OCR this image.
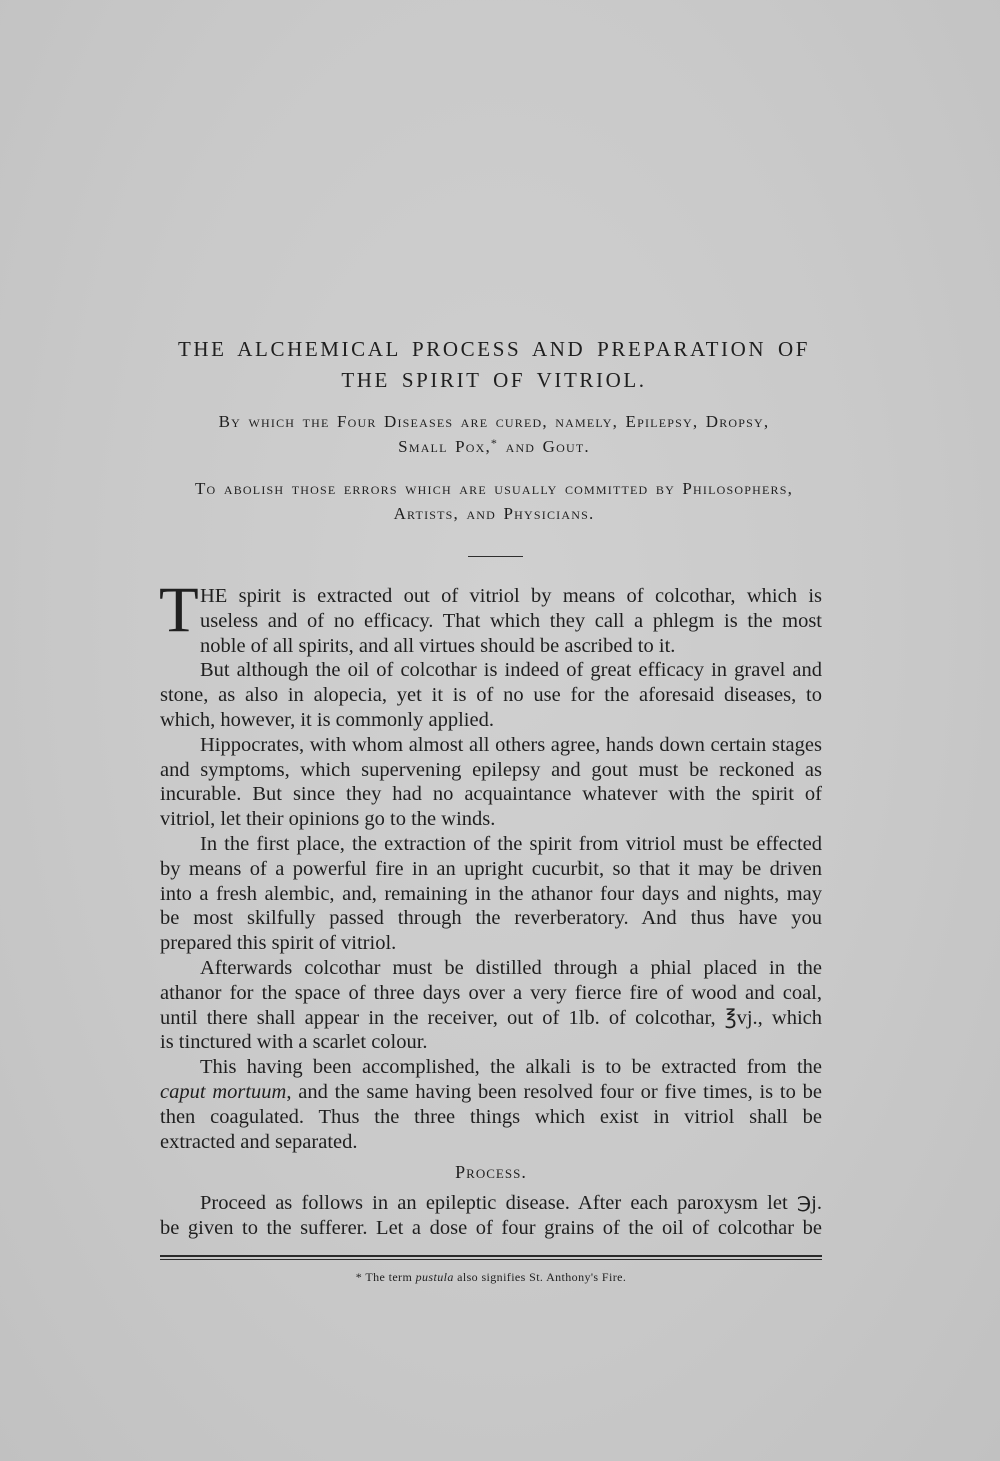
THE ALCHEMICAL PROCESS AND PREPARATION OF
THE SPIRIT OF VITRIOL.
By which the Four Diseases are cured, namely, Epilepsy, Dropsy,
Small Pox,* and Gout.
To abolish those errors which are usually committed by Philosophers,
Artists, and Physicians.
T HE spirit is extracted out of vitriol by means of colcothar, which is
useless and of no efficacy. That which they call a phlegm is the most
noble of all spirits, and all virtues should be ascribed to it.
But although the oil of colcothar is indeed of great efficacy in gravel and
stone, as also in alopecia, yet it is of no use for the aforesaid diseases, to
which, however, it is commonly applied.
Hippocrates, with whom almost all others agree, hands down certain stages
and symptoms, which supervening epilepsy and gout must be reckoned as
incurable. But since they had no acquaintance whatever with the spirit of
vitriol, let their opinions go to the winds.
In the first place, the extraction of the spirit from vitriol must be effected
by means of a powerful fire in an upright cucurbit, so that it may be driven
into a fresh alembic, and, remaining in the athanor four days and nights, may
be most skilfully passed through the reverberatory. And thus have you
prepared this spirit of vitriol.
Afterwards colcothar must be distilled through a phial placed in the
athanor for the space of three days over a very fierce fire of wood and coal,
until there shall appear in the receiver, out of 1lb. of colcothar, ℥vj., which
is tinctured with a scarlet colour.
This having been accomplished, the alkali is to be extracted from the
caput mortuum, and the same having been resolved four or five times, is to be
then coagulated. Thus the three things which exist in vitriol shall be
extracted and separated.
Process.
Proceed as follows in an epileptic disease. After each paroxysm let ℈j.
be given to the sufferer. Let a dose of four grains of the oil of colcothar be
* The term pustula also signifies St. Anthony's Fire.
